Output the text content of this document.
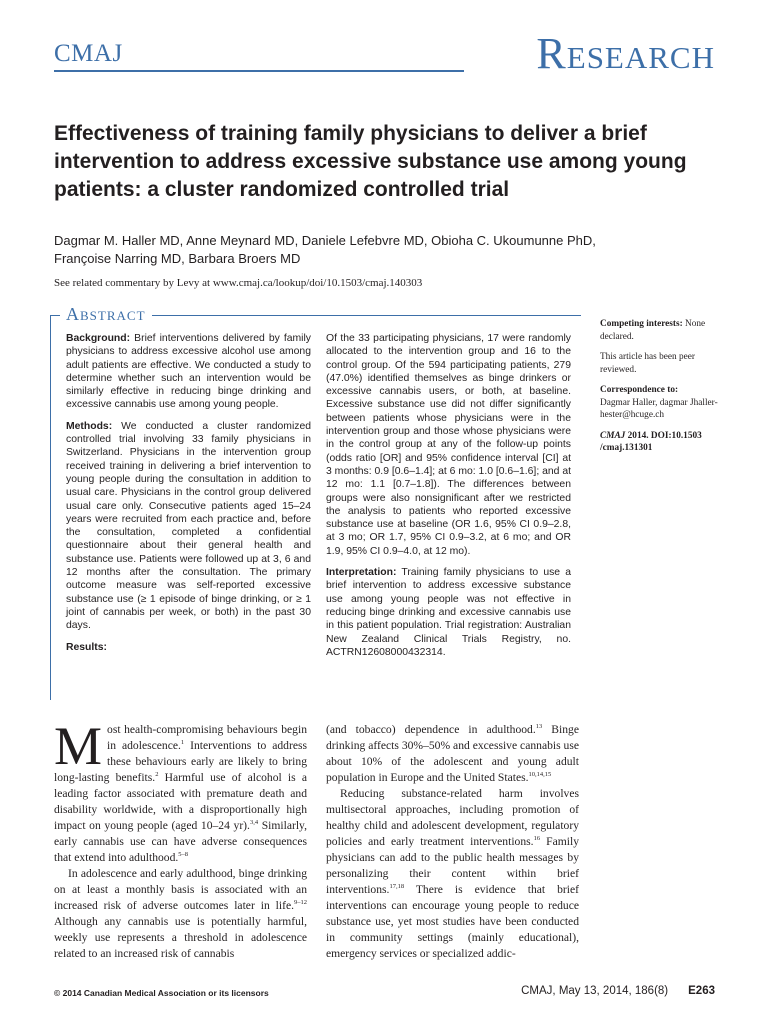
CMAJ	Research
Effectiveness of training family physicians to deliver a brief intervention to address excessive substance use among young patients: a cluster randomized controlled trial
Dagmar M. Haller MD, Anne Meynard MD, Daniele Lefebvre MD, Obioha C. Ukoumunne PhD,
Françoise Narring MD, Barbara Broers MD
See related commentary by Levy at www.cmaj.ca/lookup/doi/10.1503/cmaj.140303
Abstract

Background: Brief interventions delivered by family physicians to address excessive alcohol use among adult patients are effective. We conducted a study to determine whether such an intervention would be similarly effective in reducing binge drinking and excessive cannabis use among young people.

Methods: We conducted a cluster randomized controlled trial involving 33 family physicians in Switzerland. Physicians in the intervention group received training in delivering a brief intervention to young people during the consultation in addition to usual care. Physicians in the control group delivered usual care only. Consecutive patients aged 15–24 years were recruited from each practice and, before the consultation, completed a confidential questionnaire about their general health and substance use. Patients were followed up at 3, 6 and 12 months after the consultation. The primary outcome measure was self-reported excessive substance use (≥ 1 episode of binge drinking, or ≥ 1 joint of cannabis per week, or both) in the past 30 days.

Results:

Of the 33 participating physicians, 17 were randomly allocated to the intervention group and 16 to the control group. Of the 594 participating patients, 279 (47.0%) identified themselves as binge drinkers or excessive cannabis users, or both, at baseline. Excessive substance use did not differ significantly between patients whose physicians were in the intervention group and those whose physicians were in the control group at any of the follow-up points (odds ratio [OR] and 95% confidence interval [CI] at 3 months: 0.9 [0.6–1.4]; at 6 mo: 1.0 [0.6–1.6]; and at 12 mo: 1.1 [0.7–1.8]). The differences between groups were also nonsignificant after we restricted the analysis to patients who reported excessive substance use at baseline (OR 1.6, 95% CI 0.9–2.8, at 3 mo; OR 1.7, 95% CI 0.9–3.2, at 6 mo; and OR 1.9, 95% CI 0.9–4.0, at 12 mo).

Interpretation: Training family physicians to use a brief intervention to address excessive substance use among young people was not effective in reducing binge drinking and excessive cannabis use in this patient population. Trial registration: Australian New Zealand Clinical Trials Registry, no. ACTRN12608000432314.

Competing interests: None declared.

This article has been peer reviewed.

Correspondence to:
Dagmar Haller, dagmar Jhaller-hester@hcuge.ch

CMAJ 2014. DOI:10.1503 /cmaj.131301

Most health-compromising behaviours begin in adolescence.$^1$ Interventions to address these behaviours early are likely to bring long-lasting benefits.$^2$ Harmful use of alcohol is a leading factor associated with premature death and disability worldwide, with a disproportionally high impact on young people (aged 10–24 yr).$^{3,4}$ Similarly, early cannabis use can have adverse consequences that extend into adulthood.$^{5-8}$

In adolescence and early adulthood, binge drinking on at least a monthly basis is associated with an increased risk of adverse outcomes later in life.$^{9-12}$ Although any cannabis use is potentially harmful, weekly use represents a threshold in adolescence related to an increased risk of cannabis

(and tobacco) dependence in adulthood.$^{13}$ Binge drinking affects 30%–50% and excessive cannabis use about 10% of the adolescent and young adult population in Europe and the United States.$^{10,14,15}$

Reducing substance-related harm involves multisectoral approaches, including promotion of healthy child and adolescent development, regulatory policies and early treatment interventions.$^{16}$ Family physicians can add to the public health messages by personalizing their content within brief interventions.$^{17,18}$ There is evidence that brief interventions can encourage young people to reduce substance use, yet most studies have been conducted in community settings (mainly educational), emergency services or specialized addic-

© 2014 Canadian Medical Association or its licensors	CMAJ, May 13, 2014, 186(8) E263
